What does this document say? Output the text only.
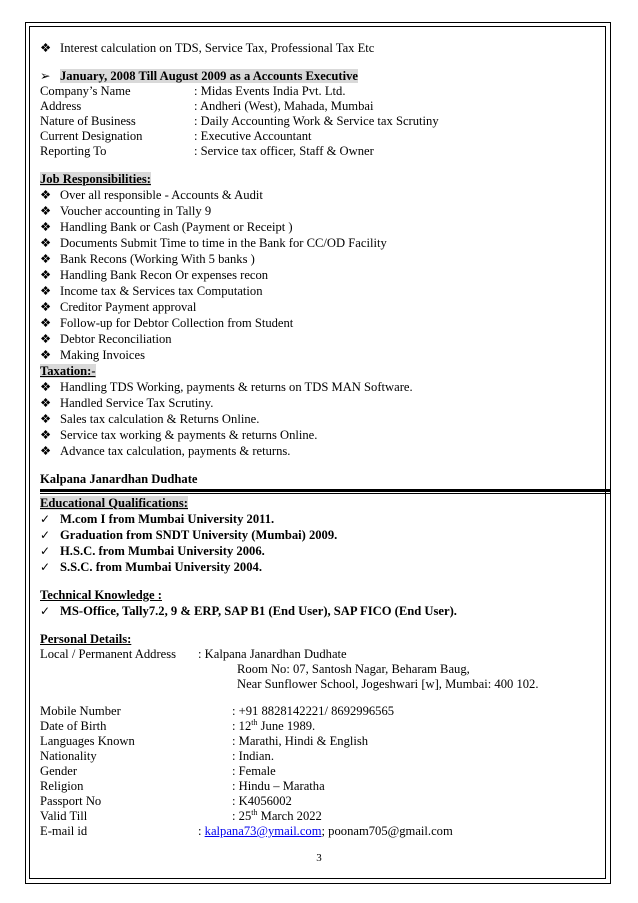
❖ Interest calculation on TDS, Service Tax, Professional Tax Etc
➢ January, 2008 Till August 2009 as a Accounts Executive
Company’s Name	: Midas Events India Pvt. Ltd.
Address	: Andheri (West), Mahada, Mumbai
Nature of Business	: Daily Accounting Work & Service tax Scrutiny
Current Designation	: Executive Accountant
Reporting To	: Service tax officer, Staff & Owner
Job Responsibilities:
❖ Over all responsible - Accounts & Audit
❖ Voucher accounting in Tally 9
❖ Handling Bank or Cash (Payment or Receipt )
❖ Documents Submit Time to time in the Bank for CC/OD Facility
❖ Bank Recons (Working With 5 banks )
❖ Handling Bank Recon Or expenses recon
❖ Income tax & Services tax Computation
❖ Creditor Payment approval
❖ Follow-up for Debtor Collection from Student
❖ Debtor Reconciliation
❖ Making Invoices
Taxation:-
❖ Handling TDS Working, payments & returns on TDS MAN Software.
❖ Handled Service Tax Scrutiny.
❖ Sales tax calculation & Returns Online.
❖ Service tax working & payments & returns Online.
❖ Advance tax calculation, payments & returns.
Kalpana Janardhan Dudhate
Educational Qualifications:
✓ M.com I from Mumbai University 2011.
✓ Graduation from SNDT University (Mumbai) 2009.
✓ H.S.C. from Mumbai University 2006.
✓ S.S.C. from Mumbai University 2004.
Technical Knowledge :
✓ MS-Office, Tally7.2, 9 & ERP, SAP B1 (End User), SAP FICO (End User).
Personal Details:
Local / Permanent Address	: Kalpana Janardhan Dudhate
Room No: 07, Santosh Nagar, Beharam Baug,
Near Sunflower School, Jogeshwari [w], Mumbai: 400 102.
Mobile Number	: +91 8828142221/ 8692996565
Date of Birth	: 12th June 1989.
Languages Known	: Marathi, Hindi & English
Nationality	: Indian.
Gender	: Female
Religion	: Hindu – Maratha
Passport No	: K4056002
Valid Till	: 25th March 2022
E-mail id	: kalpana73@ymail.com; poonam705@gmail.com
3
